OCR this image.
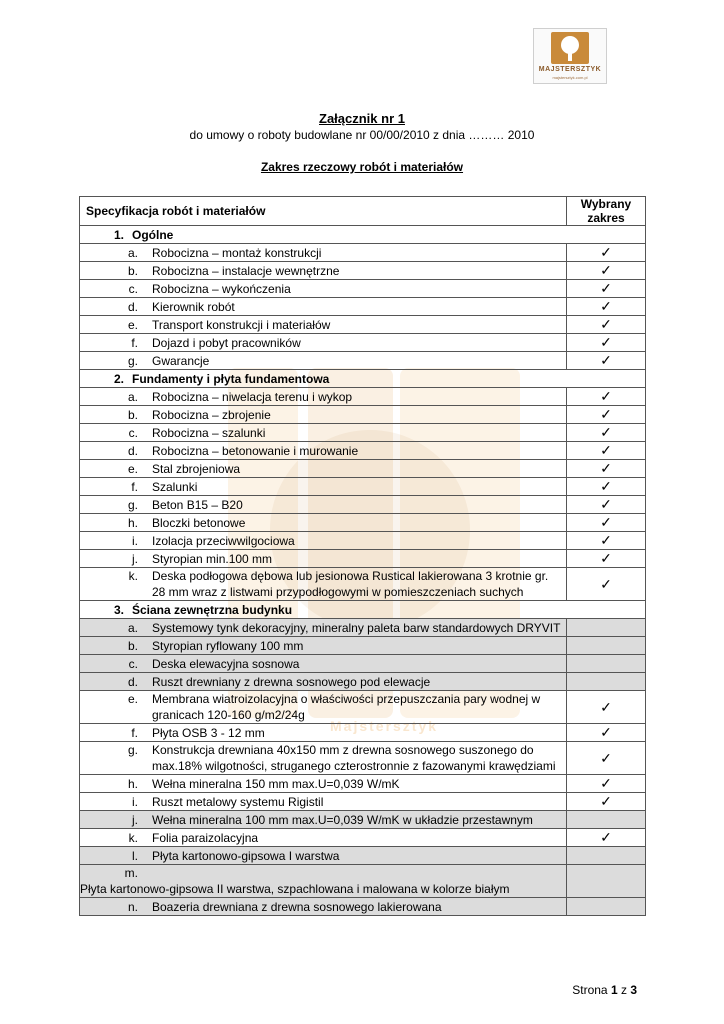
Majstersztyk
MAJSTERSZTYK
majstersztyk.com.pl
Załącznik nr 1
do umowy o roboty budowlane nr 00/00/2010 z dnia ……… 2010
Zakres rzeczowy robót i materiałów
Specyfikacja robót i materiałów	Wybrany
zakres
1. Ogólne	
a. Robocizna – montaż konstrukcji	✓
b. Robocizna – instalacje wewnętrzne	✓
c. Robocizna – wykończenia	✓
d. Kierownik robót	✓
e. Transport konstrukcji i materiałów	✓
f. Dojazd i pobyt pracowników	✓
g. Gwarancje	✓
2. Fundamenty i płyta fundamentowa	
a. Robocizna – niwelacja terenu i wykop	✓
b. Robocizna – zbrojenie	✓
c. Robocizna – szalunki	✓
d. Robocizna – betonowanie i murowanie	✓
e. Stal zbrojeniowa	✓
f. Szalunki	✓
g. Beton B15 – B20	✓
h. Bloczki betonowe	✓
i. Izolacja przeciwwilgociowa	✓
j. Styropian min.100 mm	✓
k. Deska podłogowa dębowa lub jesionowa Rustical lakierowana 3 krotnie gr. 28 mm wraz z listwami przypodłogowymi w pomieszczeniach suchych	✓
3. Ściana zewnętrzna budynku	
a. Systemowy tynk dekoracyjny, mineralny paleta barw standardowych DRYVIT	
b. Styropian ryflowany 100 mm	
c. Deska elewacyjna sosnowa	
d. Ruszt drewniany z drewna sosnowego pod elewacje	
e. Membrana wiatroizolacyjna o właściwości przepuszczania pary wodnej w granicach 120-160 g/m2/24g	✓
f. Płyta OSB 3 - 12 mm	✓
g. Konstrukcja drewniana 40x150 mm z drewna sosnowego suszonego do max.18% wilgotności, struganego czterostronnie z fazowanymi krawędziami	✓
h. Wełna mineralna 150 mm max.U=0,039 W/mK	✓
i. Ruszt metalowy systemu Rigistil	✓
j. Wełna mineralna 100 mm max.U=0,039 W/mK w układzie przestawnym	
k. Folia paraizolacyjna	✓
l. Płyta kartonowo-gipsowa I warstwa	
m.Płyta kartonowo-gipsowa II warstwa, szpachlowana i malowana w kolorze białym	
n. Boazeria drewniana z drewna sosnowego lakierowana	
Strona 1 z 3
